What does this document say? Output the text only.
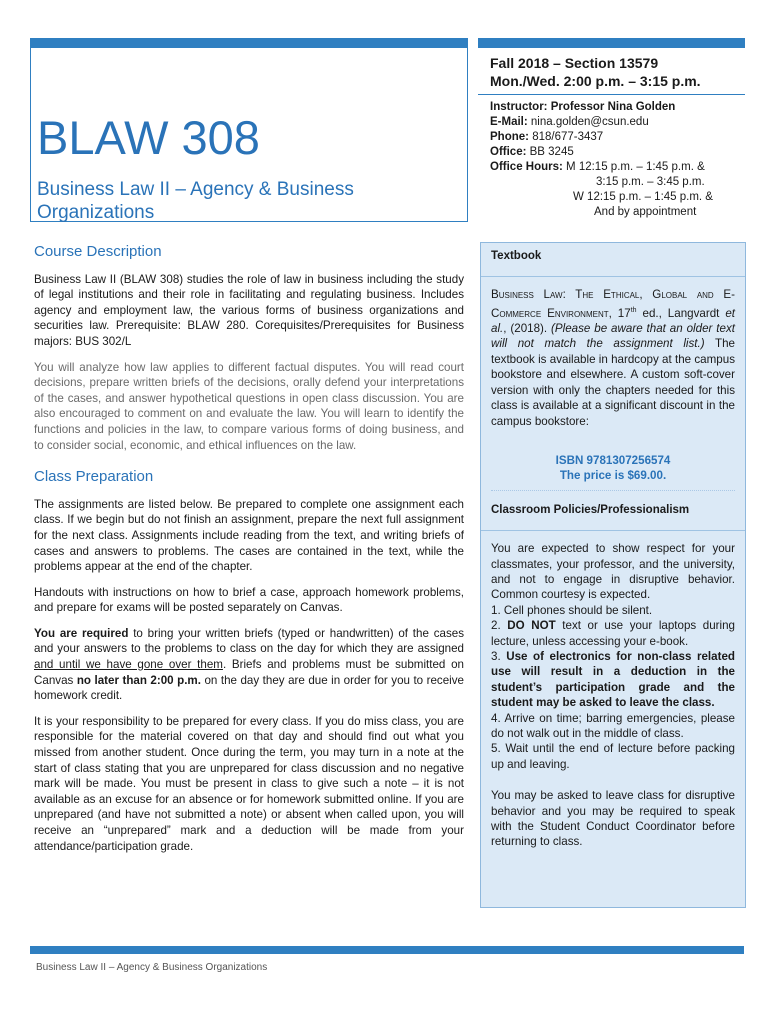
BLAW 308
Business Law II – Agency & Business
Organizations
Fall 2018 – Section 13579
Mon./Wed. 2:00 p.m. – 3:15 p.m.
Instructor: Professor Nina Golden
E-Mail: nina.golden@csun.edu
Phone: 818/677-3437
Office: BB 3245
Office Hours: M 12:15 p.m. – 1:45 p.m. &
3:15 p.m. – 3:45 p.m.
W 12:15 p.m. – 1:45 p.m. &
And by appointment
Course Description

Business Law II (BLAW 308) studies the role of law in business including the study of legal institutions and their role in facilitating and regulating business. Includes agency and employment law, the various forms of business organizations and securities law. Prerequisite: BLAW 280. Corequisites/Prerequisites for Business majors: BUS 302/L

You will analyze how law applies to different factual disputes. You will read court decisions, prepare written briefs of the decisions, orally defend your interpretations of the cases, and answer hypothetical questions in open class discussion. You are also encouraged to comment on and evaluate the law. You will learn to identify the functions and policies in the law, to compare various forms of doing business, and to consider social, economic, and ethical influences on the law.

Class Preparation

The assignments are listed below. Be prepared to complete one assignment each class. If we begin but do not finish an assignment, prepare the next full assignment for the next class. Assignments include reading from the text, and writing briefs of cases and answers to problems. The cases are contained in the text, while the problems appear at the end of the chapter.

Handouts with instructions on how to brief a case, approach homework problems, and prepare for exams will be posted separately on Canvas.

You are required to bring your written briefs (typed or handwritten) of the cases and your answers to the problems to class on the day for which they are assigned and until we have gone over them. Briefs and problems must be submitted on Canvas no later than 2:00 p.m. on the day they are due in order for you to receive homework credit.

It is your responsibility to be prepared for every class. If you do miss class, you are responsible for the material covered on that day and should find out what you missed from another student. Once during the term, you may turn in a note at the start of class stating that you are unprepared for class discussion and no negative mark will be made. You must be present in class to give such a note – it is not available as an excuse for an absence or for homework submitted online. If you are unprepared (and have not submitted a note) or absent when called upon, you will receive an “unprepared” mark and a deduction will be made from your attendance/participation grade.

Textbook

Business Law: The Ethical, Global and E-Commerce Environment, 17th ed., Langvardt et al., (2018). (Please be aware that an older text will not match the assignment list.) The textbook is available in hardcopy at the campus bookstore and elsewhere. A custom soft-cover version with only the chapters needed for this class is available at a significant discount in the campus bookstore:

ISBN 9781307256574
The price is $69.00.
Classroom Policies/Professionalism

You are expected to show respect for your classmates, your professor, and the university, and not to engage in disruptive behavior. Common courtesy is expected.

1. Cell phones should be silent.
2. DO NOT text or use your laptops during lecture, unless accessing your e-book.
3. Use of electronics for non-class related use will result in a deduction in the student’s participation grade and the student may be asked to leave the class.
4. Arrive on time; barring emergencies, please do not walk out in the middle of class.
5. Wait until the end of lecture before packing up and leaving.

You may be asked to leave class for disruptive behavior and you may be required to speak with the Student Conduct Coordinator before returning to class.

Business Law II – Agency & Business Organizations
